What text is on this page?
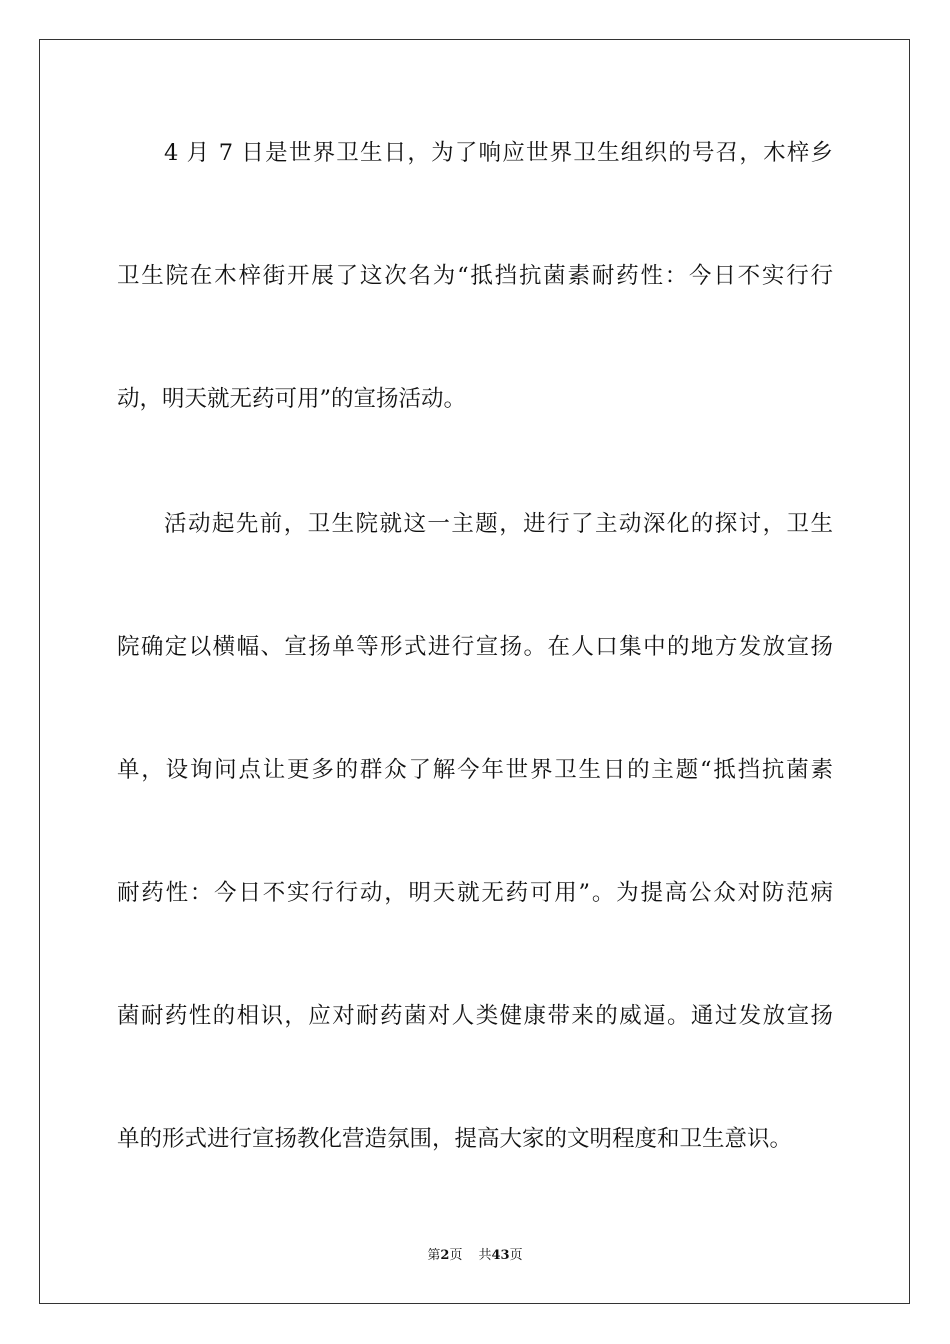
4 月 7 日是世界卫生日，为了响应世界卫生组织的号召，木梓乡
卫生院在木梓街开展了这次名为“抵挡抗菌素耐药性：今日不实行行
动，明天就无药可用”的宣扬活动。
活动起先前，卫生院就这一主题，进行了主动深化的探讨，卫生
院确定以横幅、宣扬单等形式进行宣扬。在人口集中的地方发放宣扬
单，设询问点让更多的群众了解今年世界卫生日的主题“抵挡抗菌素
耐药性：今日不实行行动，明天就无药可用”。为提高公众对防范病
菌耐药性的相识，应对耐药菌对人类健康带来的威逼。通过发放宣扬
单的形式进行宣扬教化营造氛围，提高大家的文明程度和卫生意识。
第2页 共43页
